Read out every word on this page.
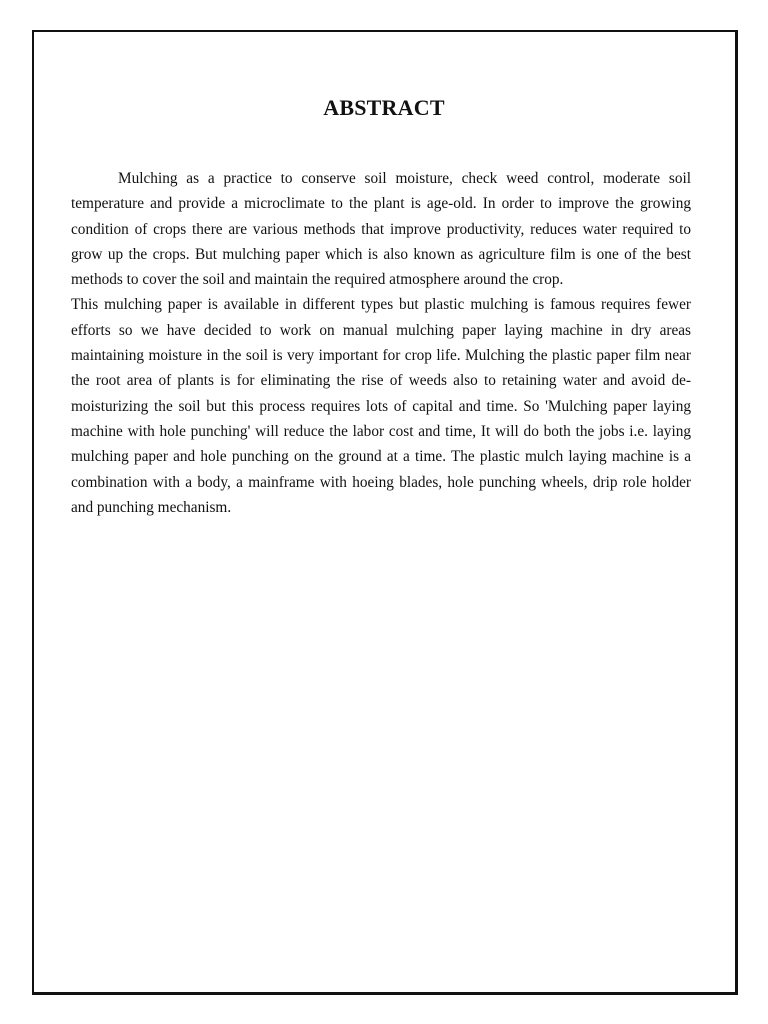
ABSTRACT

Mulching as a practice to conserve soil moisture, check weed control, moderate soil temperature and provide a microclimate to the plant is age-old. In order to improve the growing condition of crops there are various methods that improve productivity, reduces water required to grow up the crops. But mulching paper which is also known as agriculture film is one of the best methods to cover the soil and maintain the required atmosphere around the crop.

This mulching paper is available in different types but plastic mulching is famous requires fewer efforts so we have decided to work on manual mulching paper laying machine in dry areas maintaining moisture in the soil is very important for crop life. Mulching the plastic paper film near the root area of plants is for eliminating the rise of weeds also to retaining water and avoid de-moisturizing the soil but this process requires lots of capital and time. So 'Mulching paper laying machine with hole punching' will reduce the labor cost and time, It will do both the jobs i.e. laying mulching paper and hole punching on the ground at a time. The plastic mulch laying machine is a combination with a body, a mainframe with hoeing blades, hole punching wheels, drip role holder and punching mechanism.
